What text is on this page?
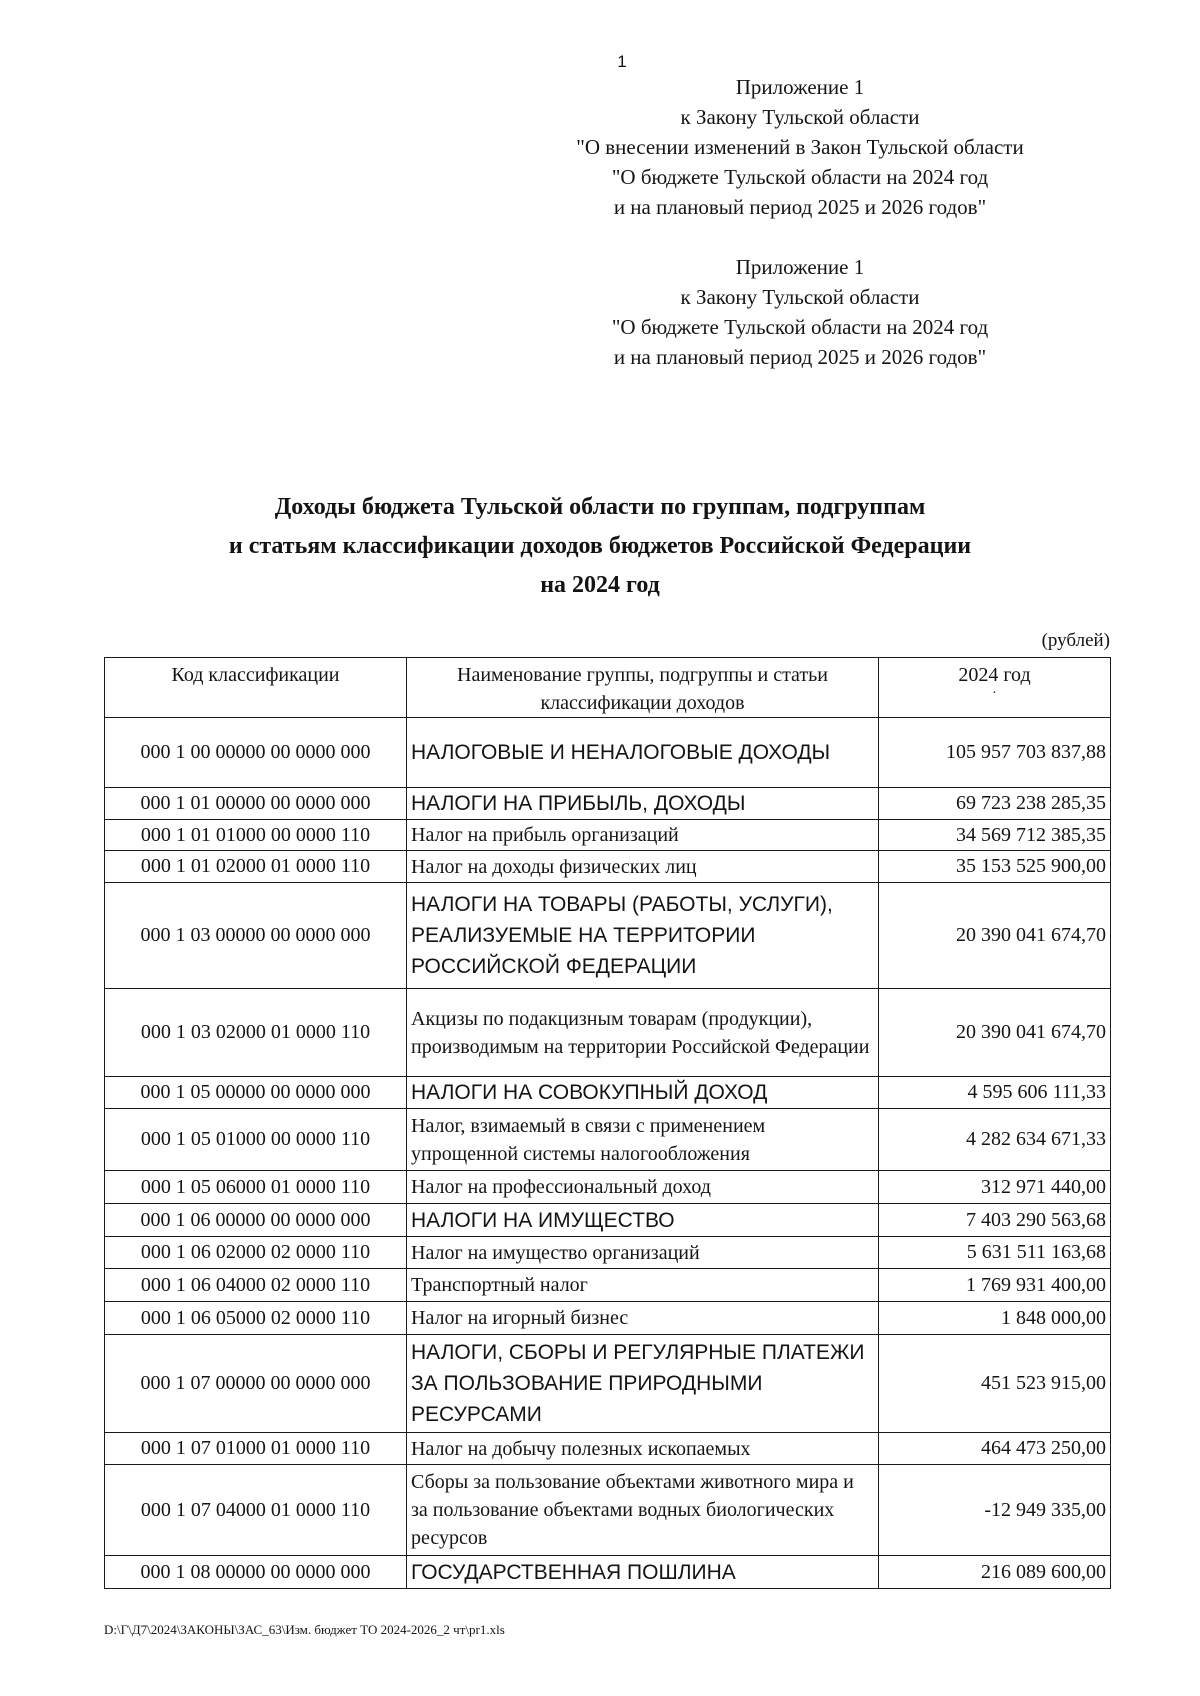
1
Приложение 1
к Закону Тульской области
"О внесении изменений в Закон Тульской области
"О бюджете Тульской области на 2024 год
и на плановый период 2025 и 2026 годов"
Приложение 1
к Закону Тульской области
"О бюджете Тульской области на 2024 год
и на плановый период 2025 и 2026 годов"
Доходы бюджета Тульской области по группам, подгруппам
и статьям классификации доходов бюджетов Российской Федерации
на 2024 год
(рублей)
Код классификации	Наименование группы, подгруппы и статьи классификации доходов	2024 год
·

000 1 00 00000 00 0000 000	НАЛОГОВЫЕ И НЕНАЛОГОВЫЕ ДОХОДЫ	105 957 703 837,88
000 1 01 00000 00 0000 000	НАЛОГИ НА ПРИБЫЛЬ, ДОХОДЫ	69 723 238 285,35
000 1 01 01000 00 0000 110	Налог на прибыль организаций	34 569 712 385,35
000 1 01 02000 01 0000 110	Налог на доходы физических лиц	35 153 525 900,00
000 1 03 00000 00 0000 000	НАЛОГИ НА ТОВАРЫ (РАБОТЫ, УСЛУГИ), РЕАЛИЗУЕМЫЕ НА ТЕРРИТОРИИ РОССИЙСКОЙ ФЕДЕРАЦИИ	20 390 041 674,70
000 1 03 02000 01 0000 110	Акцизы по подакцизным товарам (продукции), производимым на территории Российской Федерации	20 390 041 674,70
000 1 05 00000 00 0000 000	НАЛОГИ НА СОВОКУПНЫЙ ДОХОД	4 595 606 111,33
000 1 05 01000 00 0000 110	Налог, взимаемый в связи с применением упрощенной системы налогообложения	4 282 634 671,33
000 1 05 06000 01 0000 110	Налог на профессиональный доход	312 971 440,00
000 1 06 00000 00 0000 000	НАЛОГИ НА ИМУЩЕСТВО	7 403 290 563,68
000 1 06 02000 02 0000 110	Налог на имущество организаций	5 631 511 163,68
000 1 06 04000 02 0000 110	Транспортный налог	1 769 931 400,00
000 1 06 05000 02 0000 110	Налог на игорный бизнес	1 848 000,00
000 1 07 00000 00 0000 000	НАЛОГИ, СБОРЫ И РЕГУЛЯРНЫЕ ПЛАТЕЖИ ЗА ПОЛЬЗОВАНИЕ ПРИРОДНЫМИ РЕСУРСАМИ	451 523 915,00
000 1 07 01000 01 0000 110	Налог на добычу полезных ископаемых	464 473 250,00
000 1 07 04000 01 0000 110	Сборы за пользование объектами животного мира и за пользование объектами водных биологических ресурсов	-12 949 335,00
000 1 08 00000 00 0000 000	ГОСУДАРСТВЕННАЯ ПОШЛИНА	216 089 600,00
D:\Г\Д7\2024\ЗАКОНЫ\ЗАС_63\Изм. бюджет ТО 2024-2026_2 чт\pr1.xls
